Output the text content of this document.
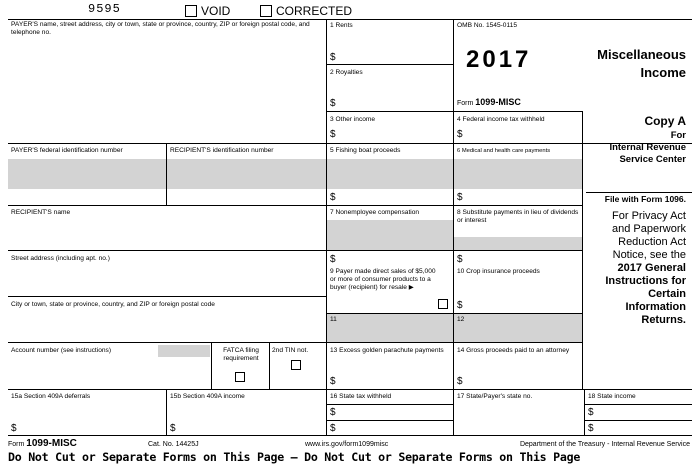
9595	VOID	CORRECTED
PAYER'S name, street address, city or town, state or province, country, ZIP or foreign postal code, and telephone no.
PAYER'S federal identification number	RECIPIENT'S identification number
RECIPIENT'S name
Street address (including apt. no.)
City or town, state or province, country, and ZIP or foreign postal code
Account number (see instructions)	FATCA filing requirement
2nd TIN not.
1 Rents
$
2 Royalties
$
3 Other income
$
4 Federal income tax withheld
$
5 Fishing boat proceeds
$
6 Medical and health care payments
$
7 Nonemployee compensation
$
8 Substitute payments in lieu of dividends or interest
$
9 Payer made direct sales of $5,000 or more of consumer products to a buyer (recipient) for resale ▶
10 Crop insurance proceeds
$
11	12
13 Excess golden parachute payments
$
14 Gross proceeds paid to an attorney
$
15a Section 409A deferrals
$
15b Section 409A income
$
16 State tax withheld
$
$
17 State/Payer's state no.	18 State income
$
$
OMB No. 1545-0115
2017
Form 1099-MISC
Miscellaneous
Income
Copy A
For
Internal Revenue
Service Center
File with Form 1096.
For Privacy Act
and Paperwork
Reduction Act
Notice, see the
2017 General
Instructions for
Certain
Information
Returns.
Form 1099-MISC	Cat. No. 14425J	www.irs.gov/form1099misc	Department of the Treasury - Internal Revenue Service
Do Not Cut or Separate Forms on This Page — Do Not Cut or Separate Forms on This Page
